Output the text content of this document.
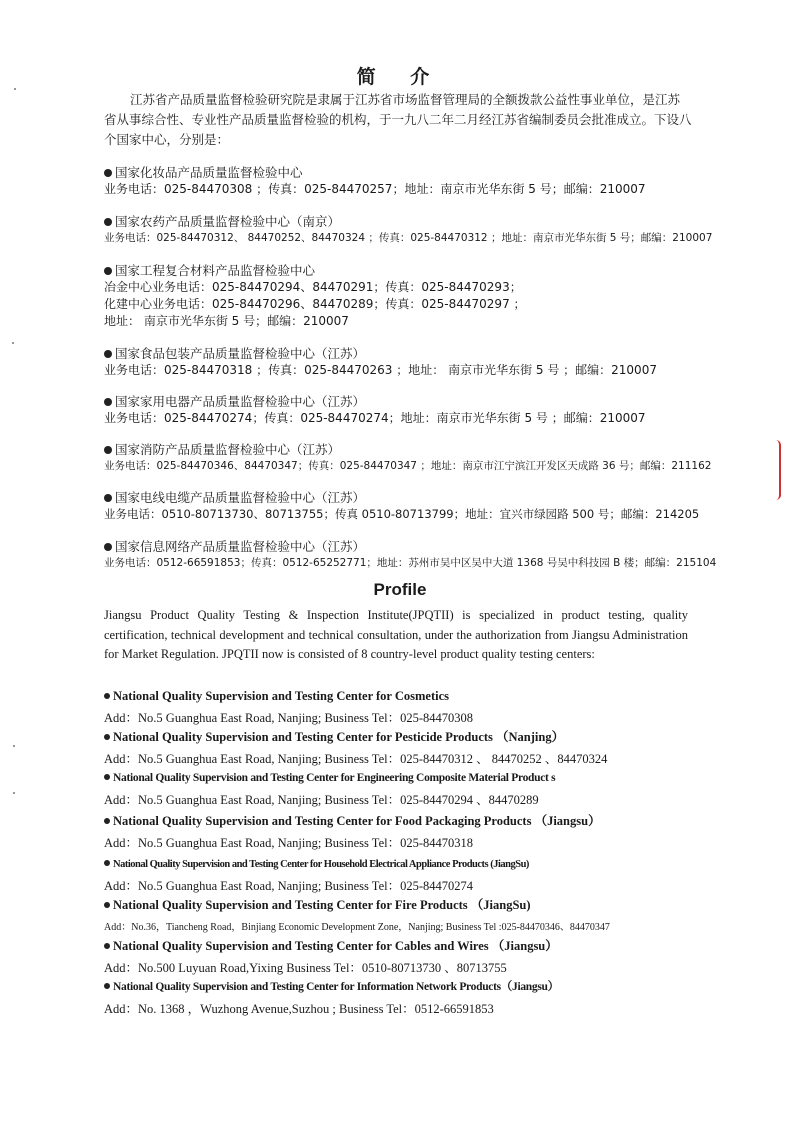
简 介
江苏省产品质量监督检验研究院是隶属于江苏省市场监督管理局的全额拨款公益性事业单位，是江苏省从事综合性、专业性产品质量监督检验的机构，于一九八二年二月经江苏省编制委员会批准成立。下设八个国家中心，分别是：
国家化妆品产品质量监督检验中心
业务电话：025-84470308 ；传真：025-84470257；地址：南京市光华东街 5 号；邮编：210007
国家农药产品质量监督检验中心（南京）
业务电话：025-84470312、 84470252、84470324 ；传真：025-84470312 ；地址：南京市光华东街 5 号；邮编：210007
国家工程复合材料产品监督检验中心
冶金中心业务电话：025-84470294、84470291；传真：025-84470293；
化建中心业务电话：025-84470296、84470289；传真：025-84470297 ；
地址： 南京市光华东街 5 号；邮编：210007
国家食品包装产品质量监督检验中心（江苏）
业务电话：025-84470318 ；传真：025-84470263 ；地址： 南京市光华东街 5 号 ；邮编：210007
国家家用电器产品质量监督检验中心（江苏）
业务电话：025-84470274；传真：025-84470274；地址：南京市光华东街 5 号 ；邮编：210007
国家消防产品质量监督检验中心（江苏）
业务电话：025-84470346、84470347；传真：025-84470347 ；地址：南京市江宁滨江开发区天成路 36 号；邮编：211162
国家电线电缆产品质量监督检验中心（江苏）
业务电话：0510-80713730、80713755；传真 0510-80713799；地址：宜兴市绿园路 500 号；邮编：214205
国家信息网络产品质量监督检验中心（江苏）
业务电话：0512-66591853；传真：0512-65252771；地址：苏州市吴中区吴中大道 1368 号吴中科技园 B 楼；邮编：215104
Profile
Jiangsu Product Quality Testing & Inspection Institute(JPQTII) is specialized in product testing, quality certification, technical development and technical consultation, under the authorization from Jiangsu Administration for Market Regulation. JPQTII now is consisted of 8 country-level product quality testing centers:
National Quality Supervision and Testing Center for Cosmetics
Add：No.5 Guanghua East Road, Nanjing; Business Tel：025-84470308
National Quality Supervision and Testing Center for Pesticide Products （Nanjing）
Add：No.5 Guanghua East Road, Nanjing; Business Tel：025-84470312 、 84470252 、84470324
National Quality Supervision and Testing Center for Engineering Composite Material Product s
Add：No.5 Guanghua East Road, Nanjing; Business Tel：025-84470294 、84470289
National Quality Supervision and Testing Center for Food Packaging Products （Jiangsu）
Add：No.5 Guanghua East Road, Nanjing; Business Tel：025-84470318
National Quality Supervision and Testing Center for Household Electrical Appliance Products (JiangSu)
Add：No.5 Guanghua East Road, Nanjing; Business Tel：025-84470274
National Quality Supervision and Testing Center for Fire Products （JiangSu)
Add：No.36，Tiancheng Road，Binjiang Economic Development Zone，Nanjing; Business Tel :025-84470346、84470347
National Quality Supervision and Testing Center for Cables and Wires （Jiangsu）
Add：No.500 Luyuan Road,Yixing Business Tel：0510-80713730 、80713755
National Quality Supervision and Testing Center for Information Network Products（Jiangsu）
Add：No. 1368 ，Wuzhong Avenue,Suzhou ; Business Tel：0512-66591853
